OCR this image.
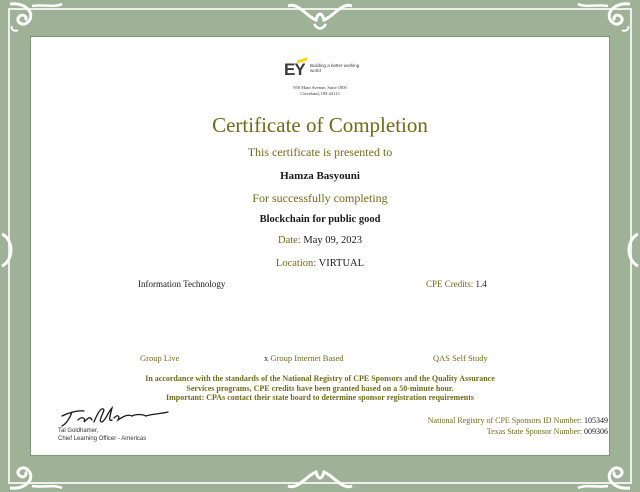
EY Building a better working world
950 Main Avenue, Suite 1800
Cleveland, OH 44113
Certificate of Completion
This certificate is presented to
Hamza Basyouni
For successfully completing
Blockchain for public good
Date: May 09, 2023
Location: VIRTUAL
Information Technology	CPE Credits: 1.4
Group Live	x Group Internet Based	QAS Self Study
In accordance with the standards of the National Registry of CPE Sponsors and the Quality Assurance
Services programs, CPE credits have been granted based on a 50-minute hour.
Important: CPAs contact their state board to determine sponsor registration requirements
Tal Goldhamer,
Chief Learning Officer - Americas
National Registry of CPE Sponsors ID Number: 105349
Texas State Sponsor Number: 009306
